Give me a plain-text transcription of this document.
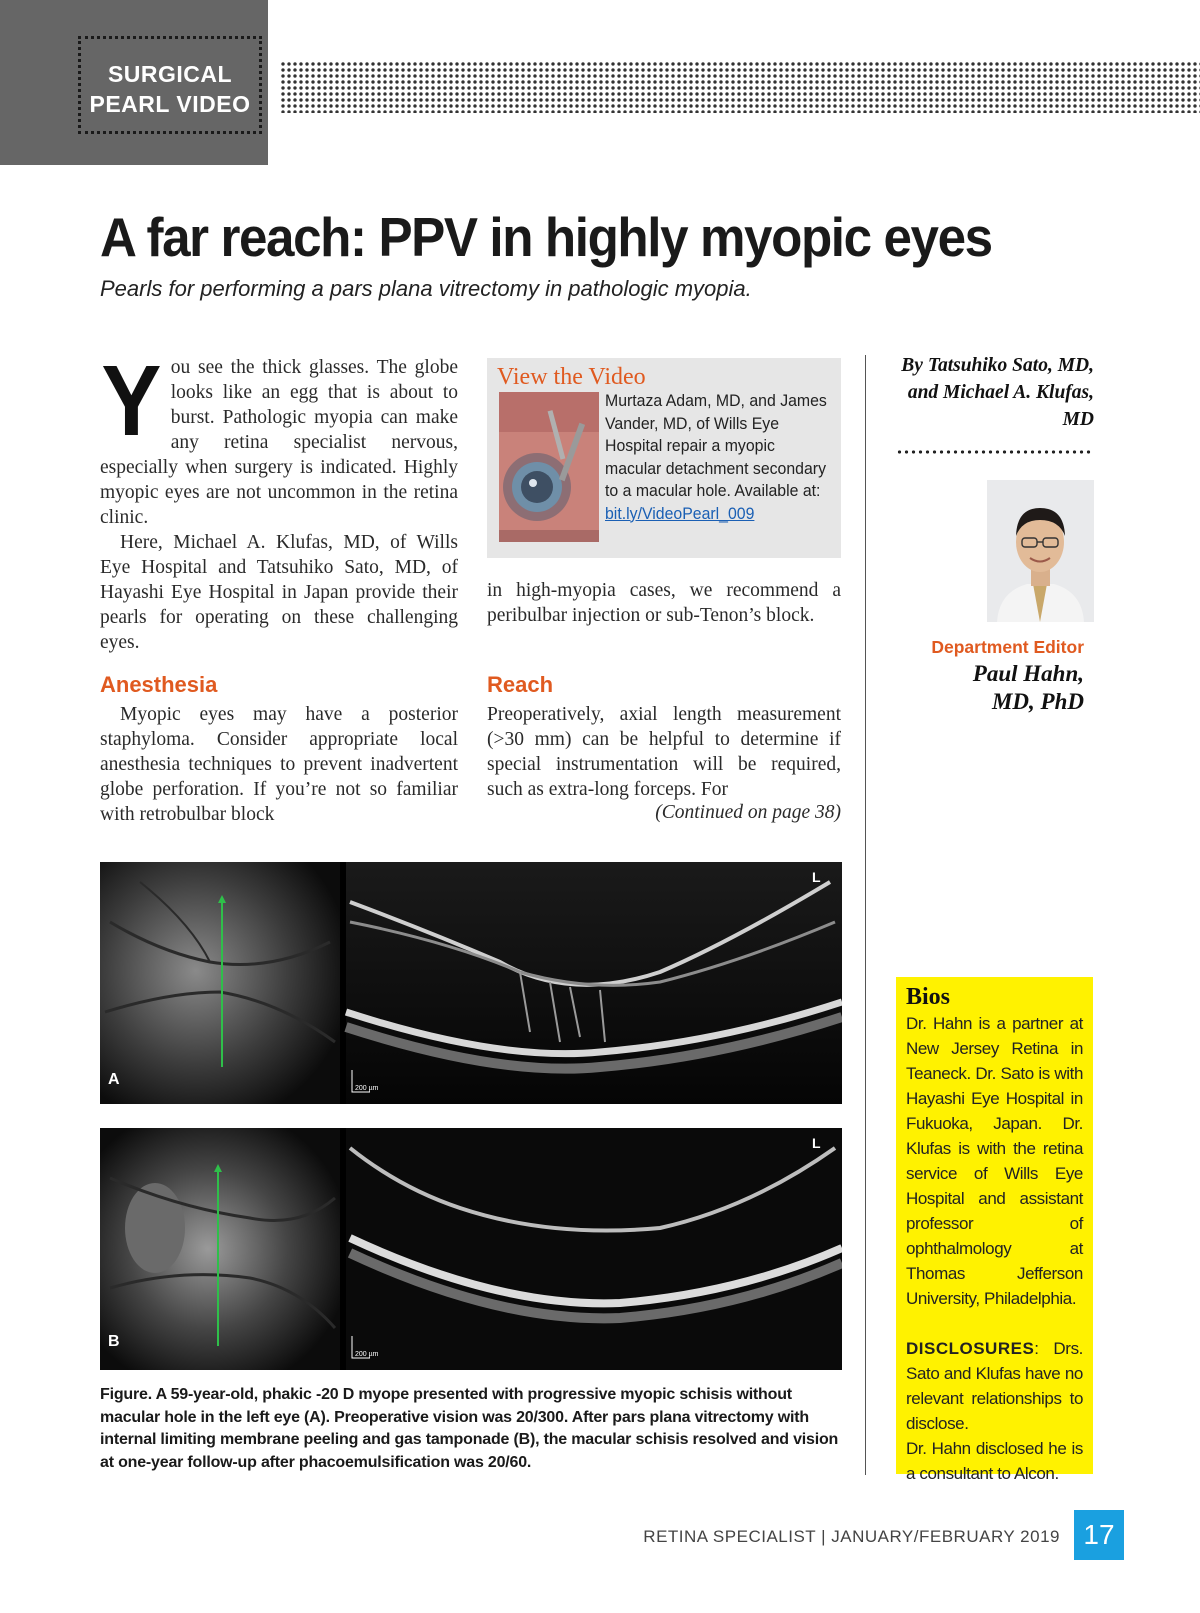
SURGICAL
PEARL VIDEO
A far reach: PPV in highly myopic eyes
Pearls for performing a pars plana vitrectomy in pathologic myopia.
Y ou see the thick glasses. The globe looks like an egg that is about to burst. Pathologic myopia can make any retina specialist nervous, especially when surgery is indicated. Highly myopic eyes are not uncommon in the retina clinic.

Here, Michael A. Klufas, MD, of Wills Eye Hospital and Tatsuhiko Sato, MD, of Hayashi Eye Hospital in Japan provide their pearls for operating on these challenging eyes.

Anesthesia
Myopic eyes may have a posterior staphyloma. Consider appropriate local anesthesia techniques to prevent inadvertent globe perforation. If you’re not so familiar with retrobulbar block
View the Video
Murtaza Adam, MD, and James Vander, MD, of Wills Eye Hospital repair a myopic macular detachment secondary to a macular hole. Available at:
bit.ly/VideoPearl_009
in high-myopia cases, we recommend a peribulbar injection or sub-Tenon’s block.
Reach
Preoperatively, axial length measurement (>30 mm) can be helpful to determine if special instrumentation will be required, such as extra-long forceps. For
(Continued on page 38)
By Tatsuhiko Sato, MD, and Michael A. Klufas, MD
Department Editor
Paul Hahn,
MD, PhD
Bios
Dr. Hahn is a partner at New Jersey Retina in Teaneck. Dr. Sato is with Hayashi Eye Hospital in Fukuoka, Japan. Dr. Klufas is with the retina service of Wills Eye Hospital and assistant professor of ophthalmology at Thomas Jefferson University, Philadelphia.
DISCLOSURES: Drs. Sato and Klufas have no relevant relationships to disclose.
Dr. Hahn disclosed he is a consultant to Alcon.
A
L
200 µm
B
L
200 µm
Figure. A 59-year-old, phakic -20 D myope presented with progressive myopic schisis without macular hole in the left eye (A). Preoperative vision was 20/300. After pars plana vitrectomy with internal limiting membrane peeling and gas tamponade (B), the macular schisis resolved and vision at one-year follow-up after phacoemulsification was 20/60.
RETINA SPECIALIST | JANUARY/FEBRUARY 2019 17
